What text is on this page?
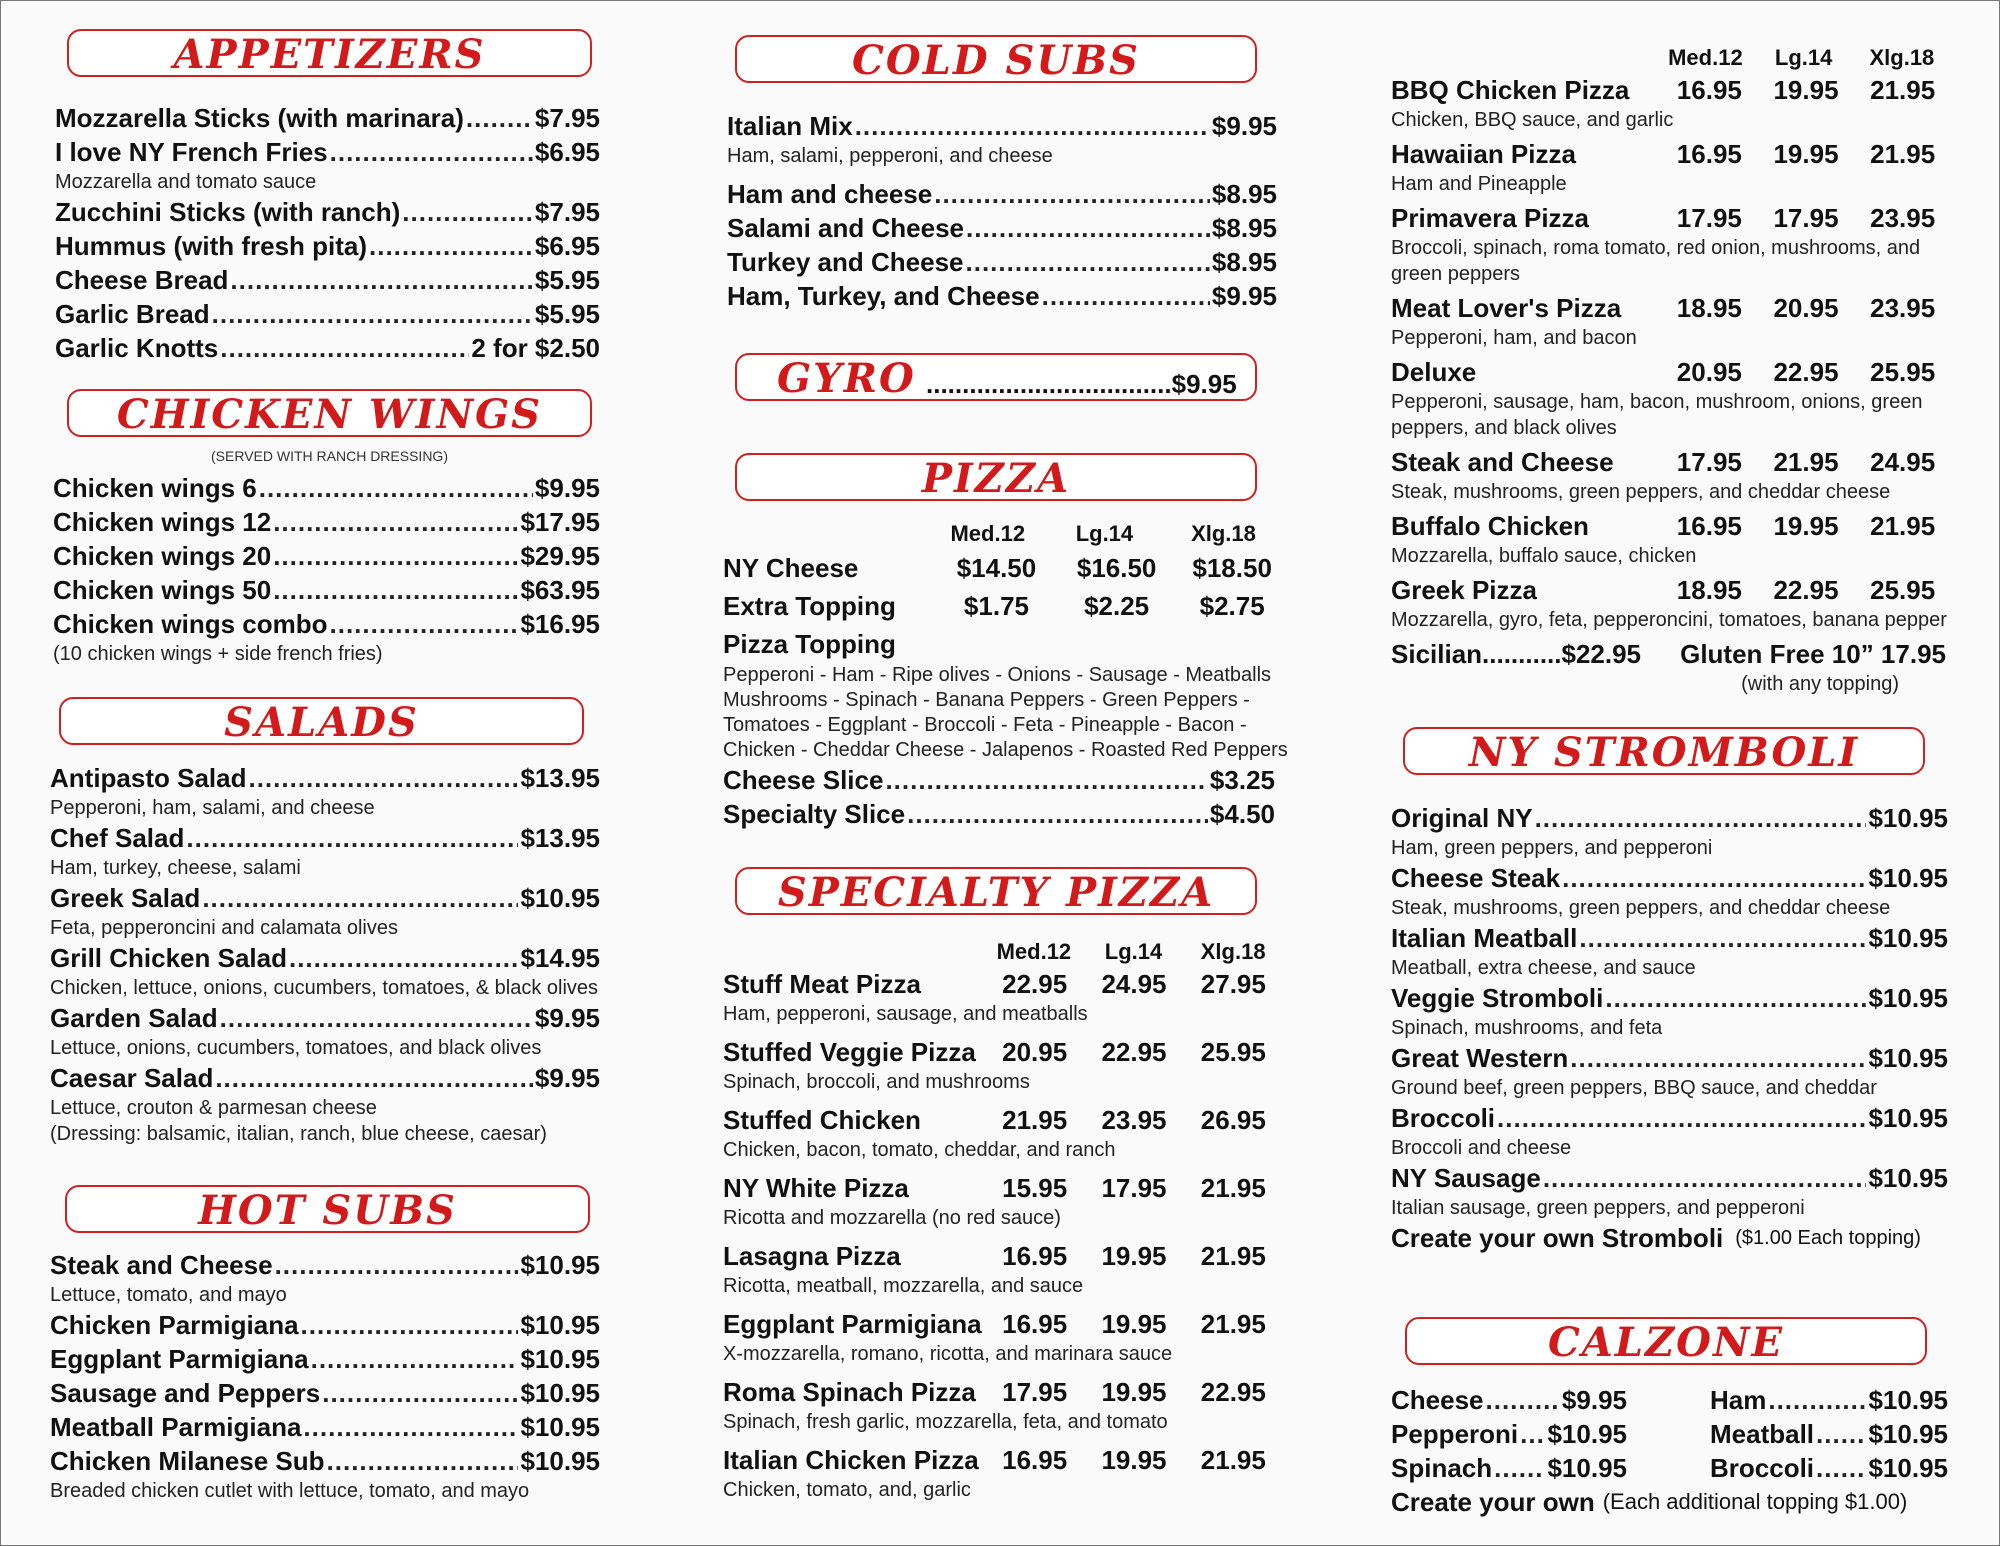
APPETIZERS
Mozzarella Sticks (with marinara) .....	$7.95
I love NY French Fries .....	$6.95
Mozzarella and tomato sauce
Zucchini Sticks (with ranch) .....	$7.95
Hummus (with fresh pita) .....	$6.95
Cheese Bread .....	$5.95
Garlic Bread .....	$5.95
Garlic Knotts .....	2 for $2.50
CHICKEN WINGS
(SERVED WITH RANCH DRESSING)
Chicken wings 6 .....	$9.95
Chicken wings 12 .....	$17.95
Chicken wings 20 .....	$29.95
Chicken wings 50 .....	$63.95
Chicken wings combo .....	$16.95
(10 chicken wings + side french fries)
SALADS
Antipasto Salad .....	$13.95
Pepperoni, ham, salami, and cheese
Chef Salad .....	$13.95
Ham, turkey, cheese, salami
Greek Salad .....	$10.95
Feta, pepperoncini and calamata olives
Grill Chicken Salad .....	$14.95
Chicken, lettuce, onions, cucumbers, tomatoes, & black olives
Garden Salad .....	$9.95
Lettuce, onions, cucumbers, tomatoes, and black olives
Caesar Salad .....	$9.95
Lettuce, crouton & parmesan cheese
(Dressing: balsamic, italian, ranch, blue cheese, caesar)
HOT SUBS
Steak and Cheese .....	$10.95
Lettuce, tomato, and mayo
Chicken Parmigiana .....	$10.95
Eggplant Parmigiana .....	$10.95
Sausage and Peppers .....	$10.95
Meatball Parmigiana .....	$10.95
Chicken Milanese Sub .....	$10.95
Breaded chicken cutlet with lettuce, tomato, and mayo
COLD SUBS
Italian Mix .....	$9.95
Ham, salami, pepperoni, and cheese
Ham and cheese .....	$8.95
Salami and Cheese .....	$8.95
Turkey and Cheese .....	$8.95
Ham, Turkey, and Cheese .....	$9.95
GYRO ..................................$9.95
PIZZA
Med.12	Lg.14	Xlg.18
NY Cheese	$14.50	$16.50	$18.50
Extra Topping	$1.75	$2.25	$2.75
Pizza Topping
Pepperoni - Ham - Ripe olives - Onions - Sausage - Meatballs
Mushrooms - Spinach - Banana Peppers - Green Peppers -
Tomatoes - Eggplant - Broccoli - Feta - Pineapple - Bacon -
Chicken - Cheddar Cheese - Jalapenos - Roasted Red Peppers
Cheese Slice .....	$3.25
Specialty Slice .....	$4.50
SPECIALTY PIZZA
Med.12	Lg.14	Xlg.18
Stuff Meat Pizza	22.95	24.95	27.95
Ham, pepperoni, sausage, and meatballs
Stuffed Veggie Pizza	20.95	22.95	25.95
Spinach, broccoli, and mushrooms
Stuffed Chicken	21.95	23.95	26.95
Chicken, bacon, tomato, cheddar, and ranch
NY White Pizza	15.95	17.95	21.95
Ricotta and mozzarella (no red sauce)
Lasagna Pizza	16.95	19.95	21.95
Ricotta, meatball, mozzarella, and sauce
Eggplant Parmigiana 16.95	19.95	21.95
X-mozzarella, romano, ricotta, and marinara sauce
Roma Spinach Pizza	17.95	19.95	22.95
Spinach, fresh garlic, mozzarella, feta, and tomato
Italian Chicken Pizza 16.95	19.95	21.95
Chicken, tomato, and, garlic
Med.12	Lg.14	Xlg.18
BBQ Chicken Pizza	16.95	19.95	21.95
Chicken, BBQ sauce, and garlic
Hawaiian Pizza	16.95	19.95	21.95
Ham and Pineapple
Primavera Pizza	17.95	17.95	23.95
Broccoli, spinach, roma tomato, red onion, mushrooms, and
green peppers
Meat Lover's Pizza	18.95	20.95	23.95
Pepperoni, ham, and bacon
Deluxe	20.95	22.95	25.95
Pepperoni, sausage, ham, bacon, mushroom, onions, green
peppers, and black olives
Steak and Cheese	17.95	21.95	24.95
Steak, mushrooms, green peppers, and cheddar cheese
Buffalo Chicken	16.95	19.95	21.95
Mozzarella, buffalo sauce, chicken
Greek Pizza	18.95	22.95	25.95
Mozzarella, gyro, feta, pepperoncini, tomatoes, banana pepper
Sicilian...........$22.95 Gluten Free 10” 17.95
(with any topping)
NY STROMBOLI
Original NY .....	$10.95
Ham, green peppers, and pepperoni
Cheese Steak .....	$10.95
Steak, mushrooms, green peppers, and cheddar cheese
Italian Meatball .....	$10.95
Meatball, extra cheese, and sauce
Veggie Stromboli .....	$10.95
Spinach, mushrooms, and feta
Great Western .....	$10.95
Ground beef, green peppers, BBQ sauce, and cheddar
Broccoli .....	$10.95
Broccoli and cheese
NY Sausage .....	$10.95
Italian sausage, green peppers, and pepperoni
Create your own Stromboli ($1.00 Each topping)
CALZONE
Cheese .....	$9.95	Ham .....	$10.95
Pepperoni ..... $10.95	Meatball ..... $10.95
Spinach ..... $10.95	Broccoli ..... $10.95
Create your own (Each additional topping $1.00)
